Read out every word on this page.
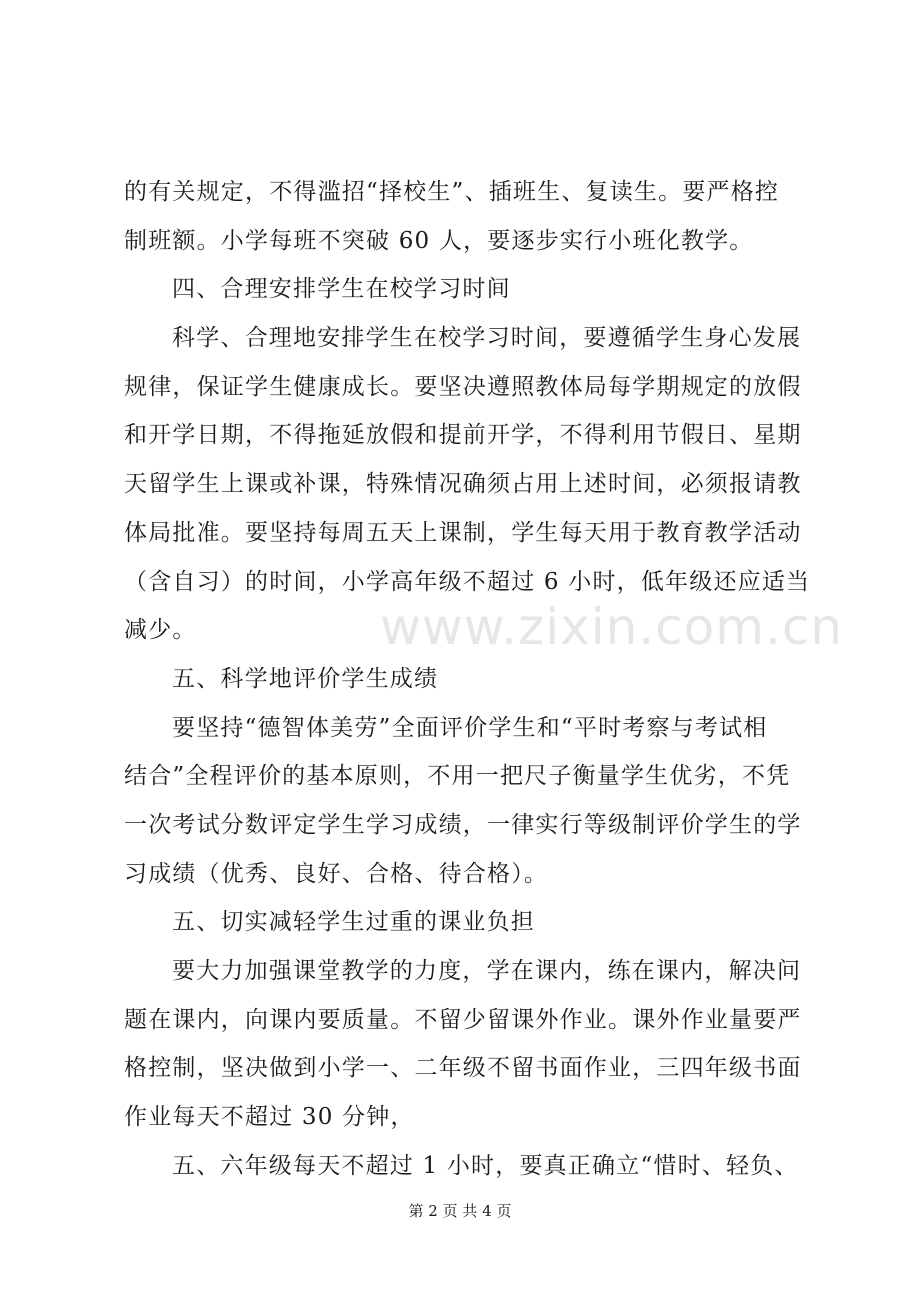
的有关规定，不得滥招“择校生”、插班生、复读生。要严格控
制班额。小学每班不突破 60 人，要逐步实行小班化教学。
四、合理安排学生在校学习时间
科学、合理地安排学生在校学习时间，要遵循学生身心发展
规律，保证学生健康成长。要坚决遵照教体局每学期规定的放假
和开学日期，不得拖延放假和提前开学，不得利用节假日、星期
天留学生上课或补课，特殊情况确须占用上述时间，必须报请教
体局批准。要坚持每周五天上课制，学生每天用于教育教学活动
（含自习）的时间，小学高年级不超过 6 小时，低年级还应适当
减少。
五、科学地评价学生成绩
要坚持“德智体美劳”全面评价学生和“平时考察与考试相
结合”全程评价的基本原则，不用一把尺子衡量学生优劣，不凭
一次考试分数评定学生学习成绩，一律实行等级制评价学生的学
习成绩（优秀、良好、合格、待合格）。
五、切实减轻学生过重的课业负担
要大力加强课堂教学的力度，学在课内，练在课内，解决问
题在课内，向课内要质量。不留少留课外作业。课外作业量要严
格控制，坚决做到小学一、二年级不留书面作业，三四年级书面
作业每天不超过 30 分钟，
五、六年级每天不超过 1 小时，要真正确立“惜时、轻负、
www.zixin.com.cn
第 2 页 共 4 页
